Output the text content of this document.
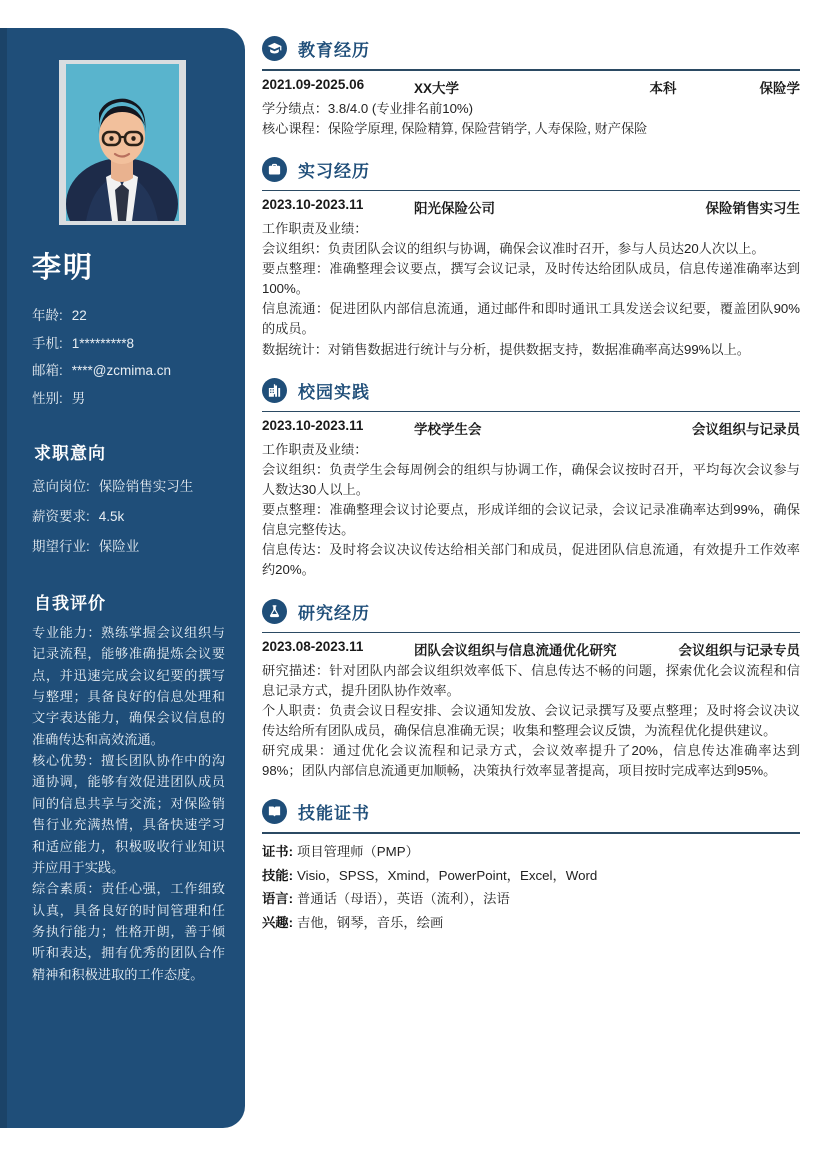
李明
年龄: 22
手机: 1*********8
邮箱: ****@zcmima.cn
性别: 男
求职意向
意向岗位: 保险销售实习生
薪资要求: 4.5k
期望行业: 保险业
自我评价

专业能力：熟练掌握会议组织与记录流程，能够准确提炼会议要点，并迅速完成会议纪要的撰写与整理；具备良好的信息处理和文字表达能力，确保会议信息的准确传达和高效流通。

核心优势：擅长团队协作中的沟通协调，能够有效促进团队成员间的信息共享与交流；对保险销售行业充满热情，具备快速学习和适应能力，积极吸收行业知识并应用于实践。

综合素质：责任心强，工作细致认真，具备良好的时间管理和任务执行能力；性格开朗，善于倾听和表达，拥有优秀的团队合作精神和积极进取的工作态度。

教育经历
2021.09-2025.06	XX大学	本科	保险学
学分绩点：3.8/4.0 (专业排名前10%)
核心课程：保险学原理, 保险精算, 保险营销学, 人寿保险, 财产保险
实习经历
2023.10-2023.11	阳光保险公司	保险销售实习生
工作职责及业绩：
会议组织：负责团队会议的组织与协调，确保会议准时召开，参与人员达20人次以上。
要点整理：准确整理会议要点，撰写会议记录，及时传达给团队成员，信息传递准确率达到100%。
信息流通：促进团队内部信息流通，通过邮件和即时通讯工具发送会议纪要，覆盖团队90%的成员。
数据统计：对销售数据进行统计与分析，提供数据支持，数据准确率高达99%以上。
校园实践
2023.10-2023.11	学校学生会	会议组织与记录员
工作职责及业绩：
会议组织：负责学生会每周例会的组织与协调工作，确保会议按时召开，平均每次会议参与人数达30人以上。
要点整理：准确整理会议讨论要点，形成详细的会议记录，会议记录准确率达到99%，确保信息完整传达。
信息传达：及时将会议决议传达给相关部门和成员，促进团队信息流通，有效提升工作效率约20%。
研究经历
2023.08-2023.11	团队会议组织与信息流通优化研究	会议组织与记录专员
研究描述：针对团队内部会议组织效率低下、信息传达不畅的问题，探索优化会议流程和信息记录方式，提升团队协作效率。
个人职责：负责会议日程安排、会议通知发放、会议记录撰写及要点整理；及时将会议决议传达给所有团队成员，确保信息准确无误；收集和整理会议反馈，为流程优化提供建议。
研究成果：通过优化会议流程和记录方式，会议效率提升了20%，信息传达准确率达到98%；团队内部信息流通更加顺畅，决策执行效率显著提高，项目按时完成率达到95%。
技能证书
证书: 项目管理师（PMP）
技能: Visio，SPSS，Xmind，PowerPoint，Excel，Word
语言: 普通话（母语），英语（流利），法语
兴趣: 吉他，钢琴，音乐，绘画
